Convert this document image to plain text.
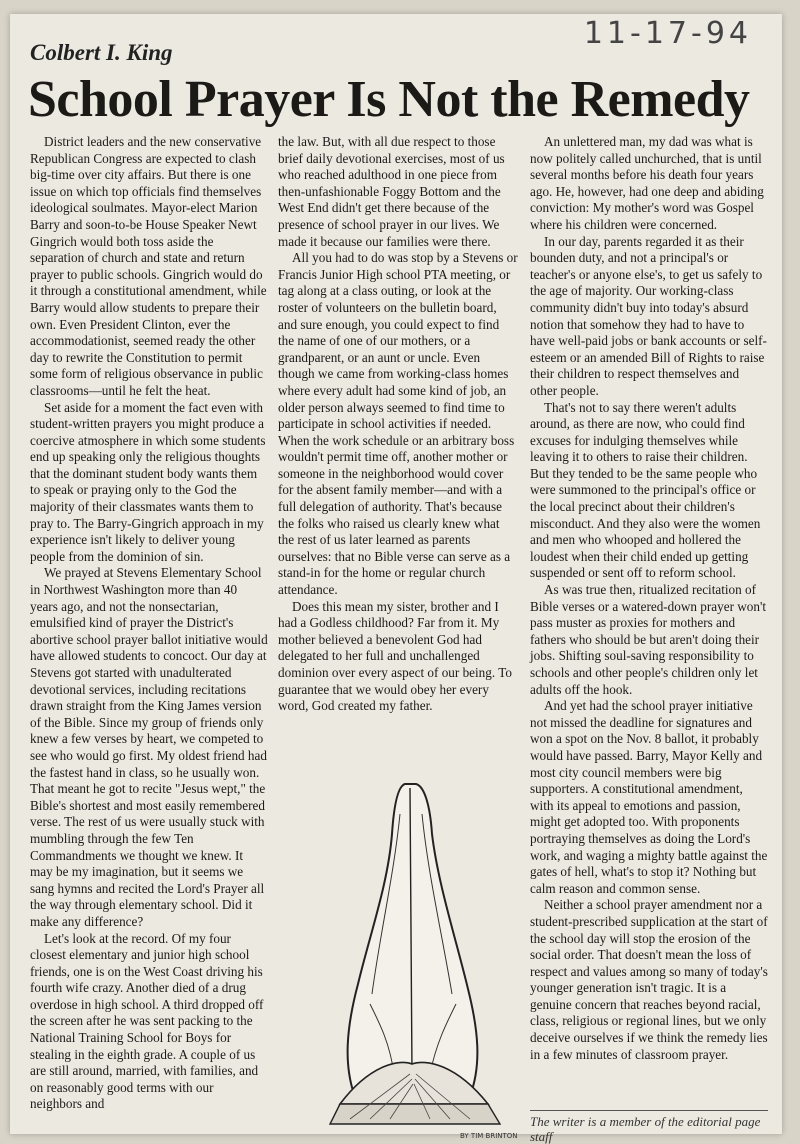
11-17-94
Colbert I. King
School Prayer Is Not the Remedy

District leaders and the new conservative Republican Congress are expected to clash big-time over city affairs. But there is one issue on which top officials find themselves ideological soulmates. Mayor-elect Marion Barry and soon-to-be House Speaker Newt Gingrich would both toss aside the separation of church and state and return prayer to public schools. Gingrich would do it through a constitutional amendment, while Barry would allow students to prepare their own. Even President Clinton, ever the accommodationist, seemed ready the other day to rewrite the Constitution to permit some form of religious observance in public classrooms—until he felt the heat.

Set aside for a moment the fact even with student-written prayers you might produce a coercive atmosphere in which some students end up speaking only the religious thoughts that the dominant student body wants them to speak or praying only to the God the majority of their classmates wants them to pray to. The Barry-Gingrich approach in my experience isn't likely to deliver young people from the dominion of sin.

We prayed at Stevens Elementary School in Northwest Washington more than 40 years ago, and not the nonsectarian, emulsified kind of prayer the District's abortive school prayer ballot initiative would have allowed students to concoct. Our day at Stevens got started with unadulterated devotional services, including recitations drawn straight from the King James version of the Bible. Since my group of friends only knew a few verses by heart, we competed to see who would go first. My oldest friend had the fastest hand in class, so he usually won. That meant he got to recite "Jesus wept," the Bible's shortest and most easily remembered verse. The rest of us were usually stuck with mumbling through the few Ten Commandments we thought we knew. It may be my imagination, but it seems we sang hymns and recited the Lord's Prayer all the way through elementary school. Did it make any difference?

Let's look at the record. Of my four closest elementary and junior high school friends, one is on the West Coast driving his fourth wife crazy. Another died of a drug overdose in high school. A third dropped off the screen after he was sent packing to the National Training School for Boys for stealing in the eighth grade. A couple of us are still around, married, with families, and on reasonably good terms with our neighbors and

the law. But, with all due respect to those brief daily devotional exercises, most of us who reached adulthood in one piece from then-unfashionable Foggy Bottom and the West End didn't get there because of the presence of school prayer in our lives. We made it because our families were there.

All you had to do was stop by a Stevens or Francis Junior High school PTA meeting, or tag along at a class outing, or look at the roster of volunteers on the bulletin board, and sure enough, you could expect to find the name of one of our mothers, or a grandparent, or an aunt or uncle. Even though we came from working-class homes where every adult had some kind of job, an older person always seemed to find time to participate in school activities if needed. When the work schedule or an arbitrary boss wouldn't permit time off, another mother or someone in the neighborhood would cover for the absent family member—and with a full delegation of authority. That's because the folks who raised us clearly knew what the rest of us later learned as parents ourselves: that no Bible verse can serve as a stand-in for the home or regular church attendance.

Does this mean my sister, brother and I had a Godless childhood? Far from it. My mother believed a benevolent God had delegated to her full and unchallenged dominion over every aspect of our being. To guarantee that we would obey her every word, God created my father.

BY TIM BRINTON

An unlettered man, my dad was what is now politely called unchurched, that is until several months before his death four years ago. He, however, had one deep and abiding conviction: My mother's word was Gospel where his children were concerned.

In our day, parents regarded it as their bounden duty, and not a principal's or teacher's or anyone else's, to get us safely to the age of majority. Our working-class community didn't buy into today's absurd notion that somehow they had to have to have well-paid jobs or bank accounts or self-esteem or an amended Bill of Rights to raise their children to respect themselves and other people.

That's not to say there weren't adults around, as there are now, who could find excuses for indulging themselves while leaving it to others to raise their children. But they tended to be the same people who were summoned to the principal's office or the local precinct about their children's misconduct. And they also were the women and men who whooped and hollered the loudest when their child ended up getting suspended or sent off to reform school.

As was true then, ritualized recitation of Bible verses or a watered-down prayer won't pass muster as proxies for mothers and fathers who should be but aren't doing their jobs. Shifting soul-saving responsibility to schools and other people's children only let adults off the hook.

And yet had the school prayer initiative not missed the deadline for signatures and won a spot on the Nov. 8 ballot, it probably would have passed. Barry, Mayor Kelly and most city council members were big supporters. A constitutional amendment, with its appeal to emotions and passion, might get adopted too. With proponents portraying themselves as doing the Lord's work, and waging a mighty battle against the gates of hell, what's to stop it? Nothing but calm reason and common sense.

Neither a school prayer amendment nor a student-prescribed supplication at the start of the school day will stop the erosion of the social order. That doesn't mean the loss of respect and values among so many of today's younger generation isn't tragic. It is a genuine concern that reaches beyond racial, class, religious or regional lines, but we only deceive ourselves if we think the remedy lies in a few minutes of classroom prayer.

The writer is a member of the editorial page staff
